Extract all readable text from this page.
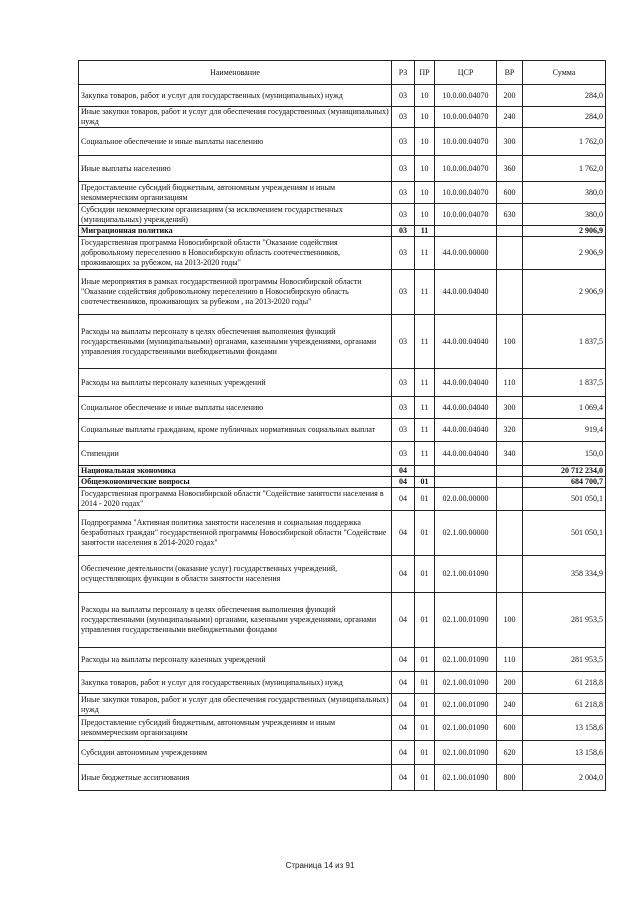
Наименование	РЗ	ПР	ЦСР	ВР	Сумма
Закупка товаров, работ и услуг для государственных (муниципальных) нужд	03	10	10.0.00.04070	200	284,0
Иные закупки товаров, работ и услуг для обеспечения государственных (муниципальных) нужд	03	10	10.0.00.04070	240	284,0
Социальное обеспечение и иные выплаты населению	03	10	10.0.00.04070	300	1 762,0
Иные выплаты населению	03	10	10.0.00.04070	360	1 762,0
Предоставление субсидий бюджетным, автономным учреждениям и иным некоммерческим организациям	03	10	10.0.00.04070	600	380,0
Субсидии некоммерческим организациям (за исключением государственных (муниципальных) учреждений)	03	10	10.0.00.04070	630	380,0
Миграционная политика	03	11			2 906,9
Государственная программа Новосибирской области "Оказание содействия добровольному переселению в Новосибирскую область соотечественников, проживающих за рубежом, на 2013-2020 годы"	03	11	44.0.00.00000		2 906,9
Иные мероприятия в рамках государственной программы Новосибирской области "Оказание содействия добровольному переселению в Новосибирскую область соотечественников, проживающих за рубежом , на 2013-2020 годы"	03	11	44.0.00.04040		2 906,9
Расходы на выплаты персоналу в целях обеспечения выполнения функций государственными (муниципальными) органами, казенными учреждениями, органами управления государственными внебюджетными фондами	03	11	44.0.00.04040	100	1 837,5
Расходы на выплаты персоналу казенных учреждений	03	11	44.0.00.04040	110	1 837,5
Социальное обеспечение и иные выплаты населению	03	11	44.0.00.04040	300	1 069,4
Социальные выплаты гражданам, кроме публичных нормативных социальных выплат	03	11	44.0.00.04040	320	919,4
Стипендии	03	11	44.0.00.04040	340	150,0
Национальная экономика	04				20 712 234,0
Общеэкономические вопросы	04	01			684 700,7
Государственная программа Новосибирской области "Содействие занятости населения в 2014 - 2020 годах"	04	01	02.0.00.00000		501 050,1
Подпрограмма "Активная политика занятости населения и социальная поддержка безработных граждан" государственной программы Новосибирской области "Содействие занятости населения в 2014-2020 годах"	04	01	02.1.00.00000		501 050,1
Обеспечение деятельности (оказание услуг) государственных учреждений, осуществляющих функции в области занятости населения	04	01	02.1.00.01090		358 334,9
Расходы на выплаты персоналу в целях обеспечения выполнения функций государственными (муниципальными) органами, казенными учреждениями, органами управления государственными внебюджетными фондами	04	01	02.1.00.01090	100	281 953,5
Расходы на выплаты персоналу казенных учреждений	04	01	02.1.00.01090	110	281 953,5
Закупка товаров, работ и услуг для государственных (муниципальных) нужд	04	01	02.1.00.01090	200	61 218,8
Иные закупки товаров, работ и услуг для обеспечения государственных (муниципальных) нужд	04	01	02.1.00.01090	240	61 218,8
Предоставление субсидий бюджетным, автономным учреждениям и иным некоммерческим организациям	04	01	02.1.00.01090	600	13 158,6
Субсидии автономным учреждениям	04	01	02.1.00.01090	620	13 158,6
Иные бюджетные ассигнования	04	01	02.1.00.01090	800	2 004,0
Страница 14 из 91
